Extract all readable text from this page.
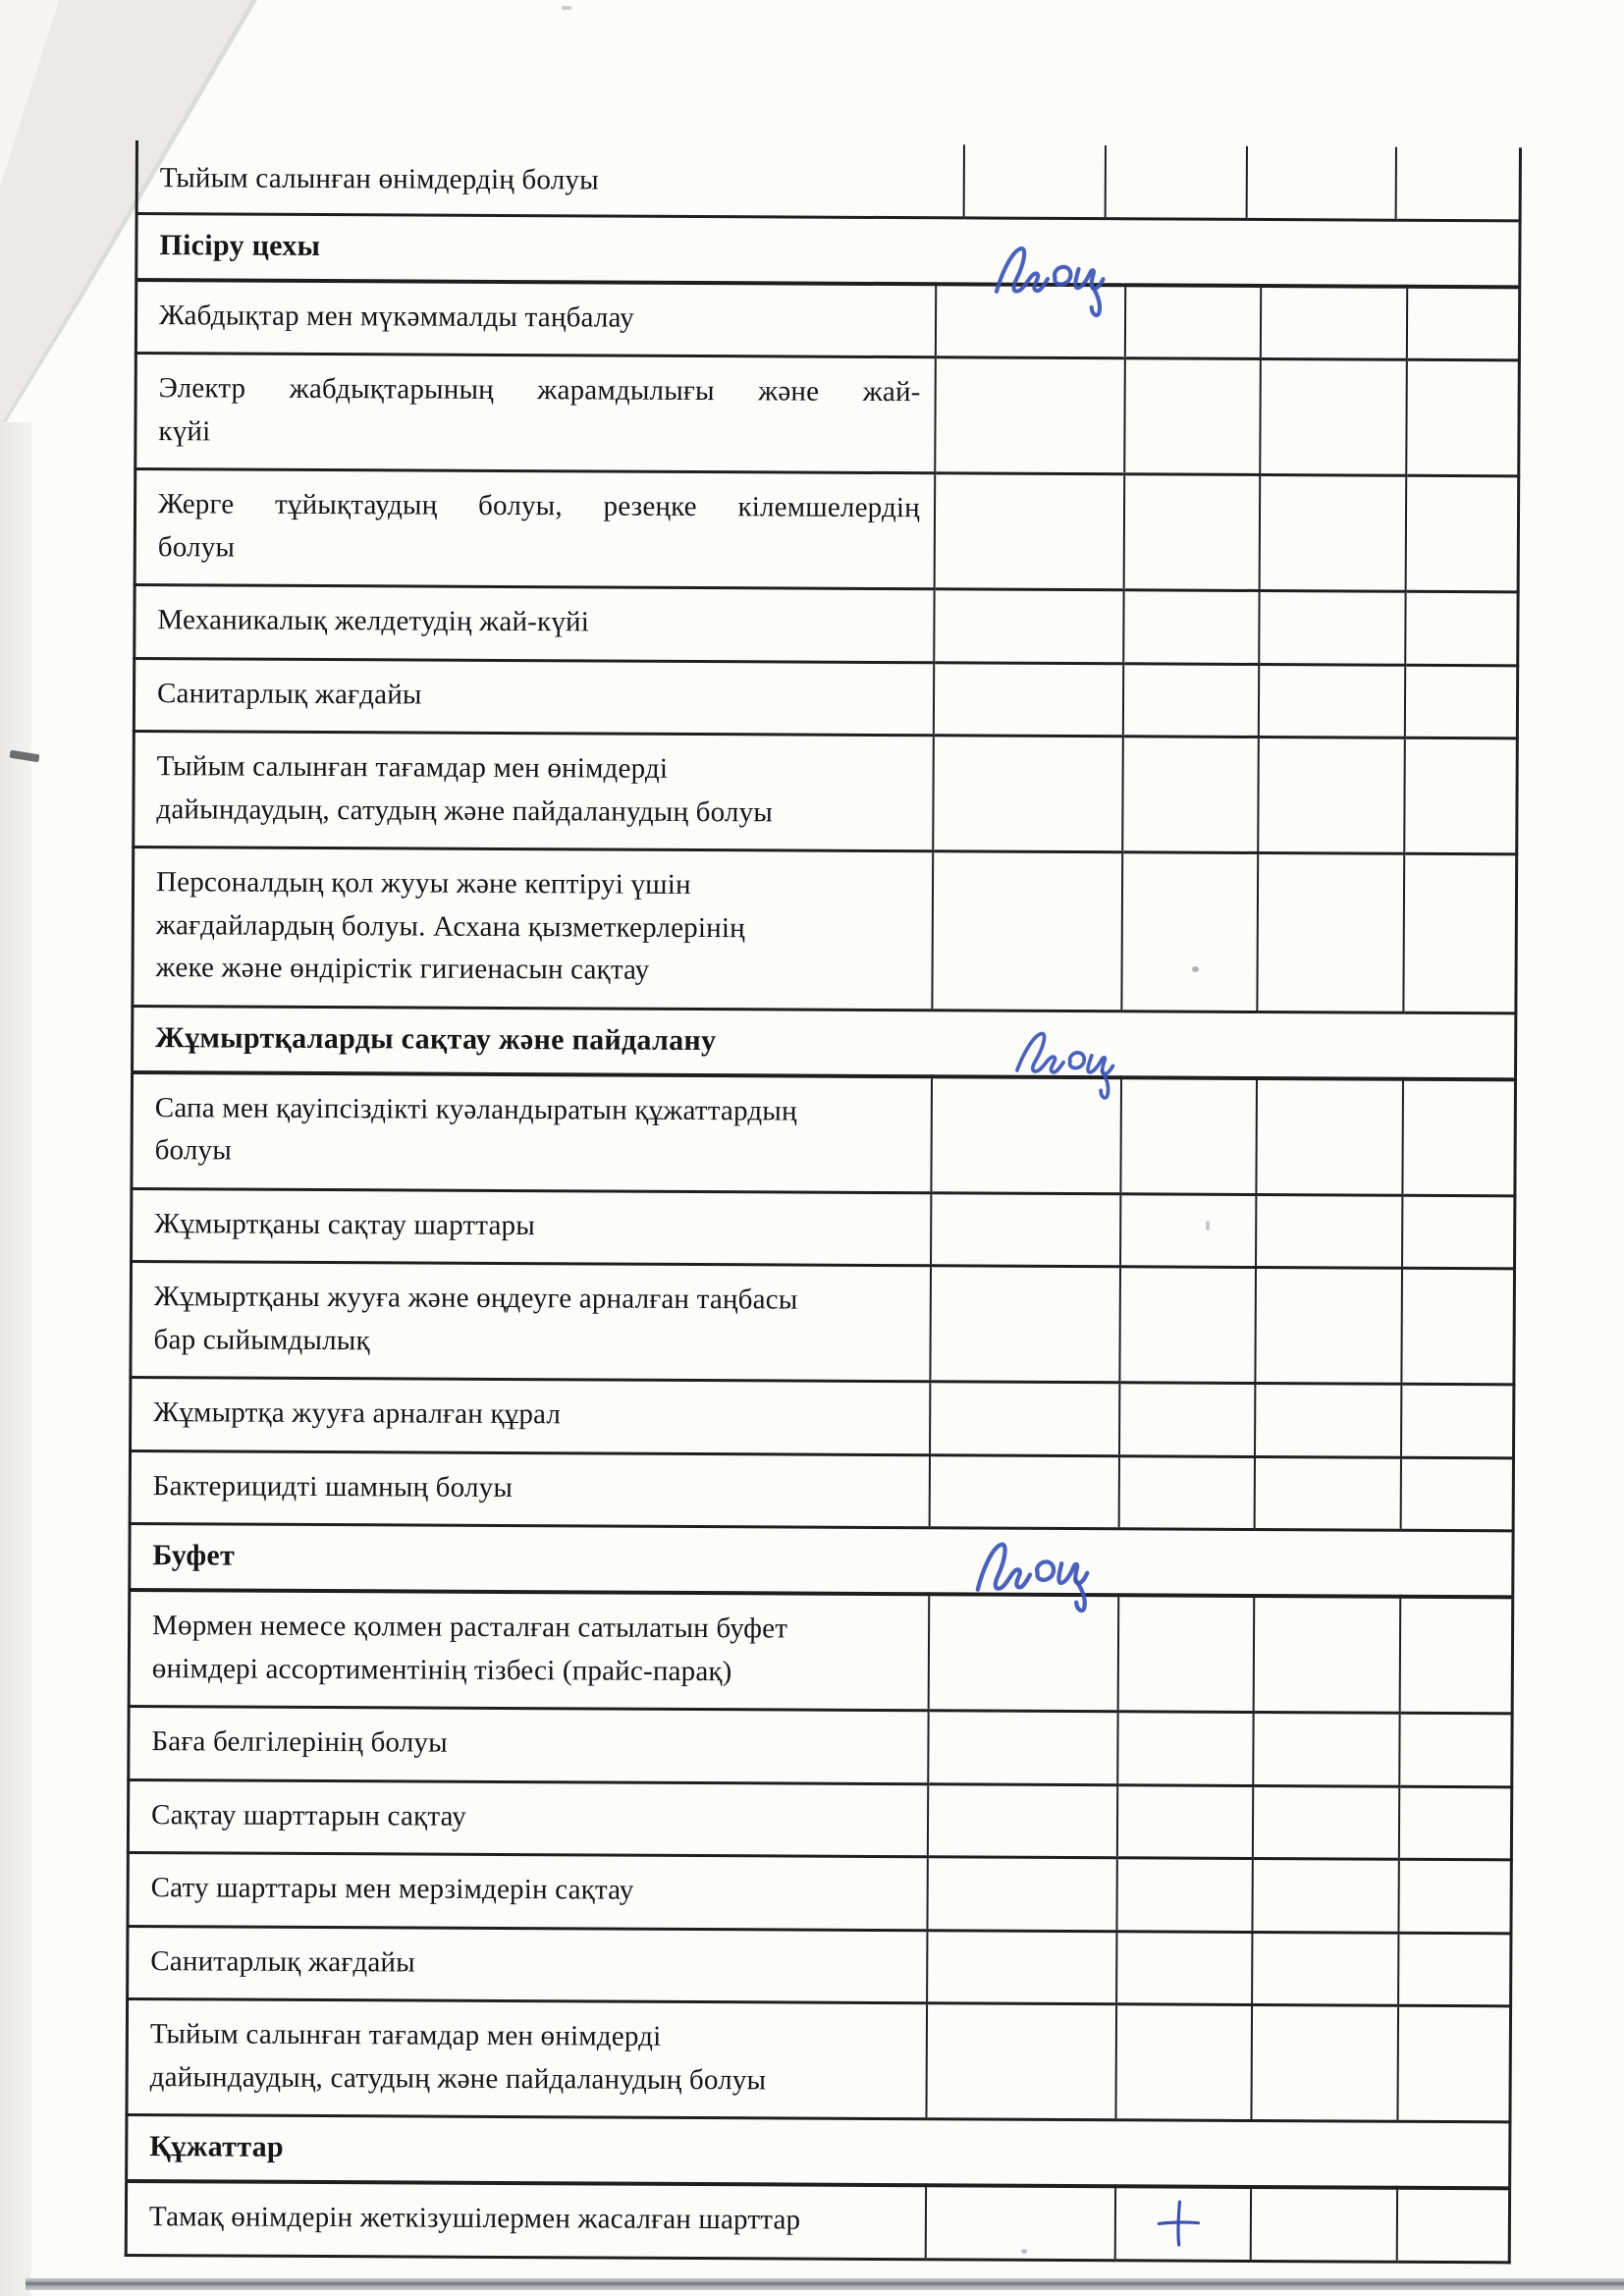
Тыйым салынған өнімдердің болуы

Пісіру цехы				

Жабдықтар мен мүкәммалды таңбалау				

Электр жабдықтарының жарамдылығы және жай-
күйі				

Жерге тұйықтаудың болуы, резеңке кілемшелердің
болуы				

Механикалық желдетудің жай-күйі				

Санитарлық жағдайы				

Тыйым салынған тағамдар мен өнімдерді
дайындаудың, сатудың және пайдаланудың болуы				

Персоналдың қол жууы және кептіруі үшін
жағдайлардың болуы. Асхана қызметкерлерінің
жеке және өндірістік гигиенасын сақтау				

Жұмыртқаларды сақтау және пайдалану				

Сапа мен қауіпсіздікті куәландыратын құжаттардың
болуы				

Жұмыртқаны сақтау шарттары				

Жұмыртқаны жууға және өңдеуге арналған таңбасы
бар сыйымдылық				

Жұмыртқа жууға арналған құрал				

Бактерицидті шамның болуы				

Буфет				

Мөрмен немесе қолмен расталған сатылатын буфет
өнімдері ассортиментінің тізбесі (прайс-парақ)				

Баға белгілерінің болуы				

Сақтау шарттарын сақтау				

Сату шарттары мен мерзімдерін сақтау				

Санитарлық жағдайы				

Тыйым салынған тағамдар мен өнімдерді
дайындаудың, сатудың және пайдаланудың болуы				

Құжаттар				

Тамақ өнімдерін жеткізушілермен жасалған шарттар
